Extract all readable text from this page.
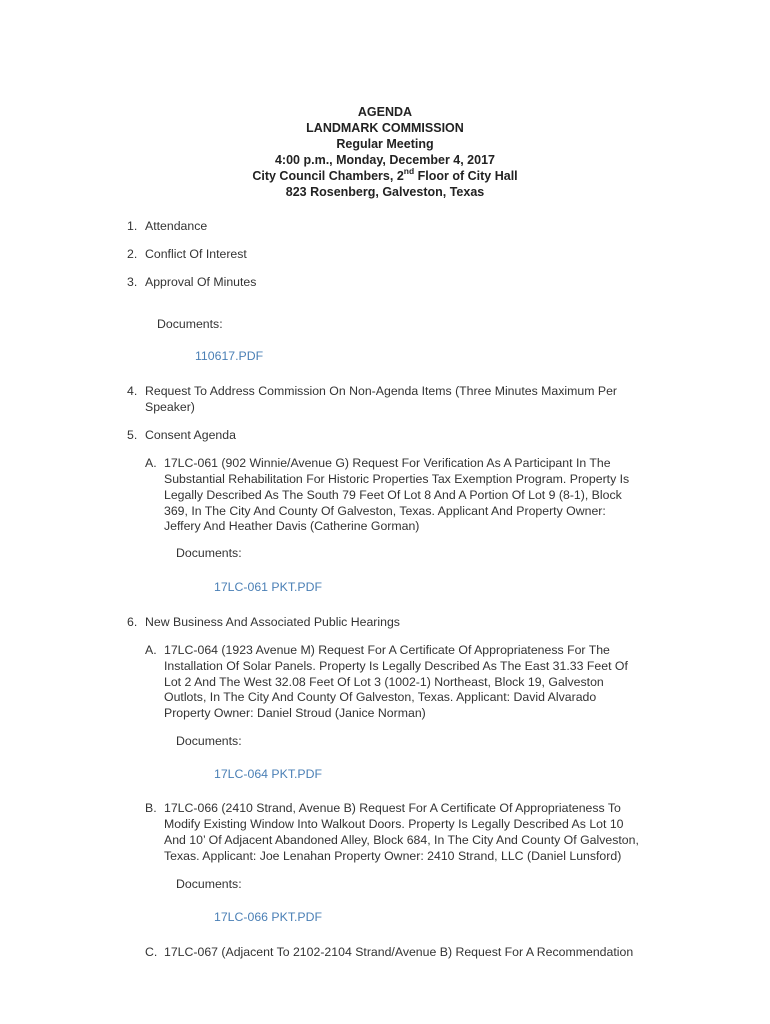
AGENDA
LANDMARK COMMISSION
Regular Meeting
4:00 p.m., Monday, December 4, 2017
City Council Chambers, 2nd Floor of City Hall
823 Rosenberg, Galveston, Texas
1. Attendance
2. Conflict Of Interest
3. Approval Of Minutes
Documents:
110617.PDF
4. Request To Address Commission On Non-Agenda Items (Three Minutes Maximum Per
Speaker)
5. Consent Agenda
A. 17LC-061 (902 Winnie/Avenue G) Request For Verification As A Participant In The
Substantial Rehabilitation For Historic Properties Tax Exemption Program. Property Is
Legally Described As The South 79 Feet Of Lot 8 And A Portion Of Lot 9 (8-1), Block
369, In The City And County Of Galveston, Texas. Applicant And Property Owner:
Jeffery And Heather Davis (Catherine Gorman)
Documents:
17LC-061 PKT.PDF
6. New Business And Associated Public Hearings
A. 17LC-064 (1923 Avenue M) Request For A Certificate Of Appropriateness For The
Installation Of Solar Panels. Property Is Legally Described As The East 31.33 Feet Of
Lot 2 And The West 32.08 Feet Of Lot 3 (1002-1) Northeast, Block 19, Galveston
Outlots, In The City And County Of Galveston, Texas. Applicant: David Alvarado
Property Owner: Daniel Stroud (Janice Norman)
Documents:
17LC-064 PKT.PDF
B. 17LC-066 (2410 Strand, Avenue B) Request For A Certificate Of Appropriateness To
Modify Existing Window Into Walkout Doors. Property Is Legally Described As Lot 10
And 10’ Of Adjacent Abandoned Alley, Block 684, In The City And County Of Galveston,
Texas. Applicant: Joe Lenahan Property Owner: 2410 Strand, LLC (Daniel Lunsford)
Documents:
17LC-066 PKT.PDF
C. 17LC-067 (Adjacent To 2102-2104 Strand/Avenue B) Request For A Recommendation
